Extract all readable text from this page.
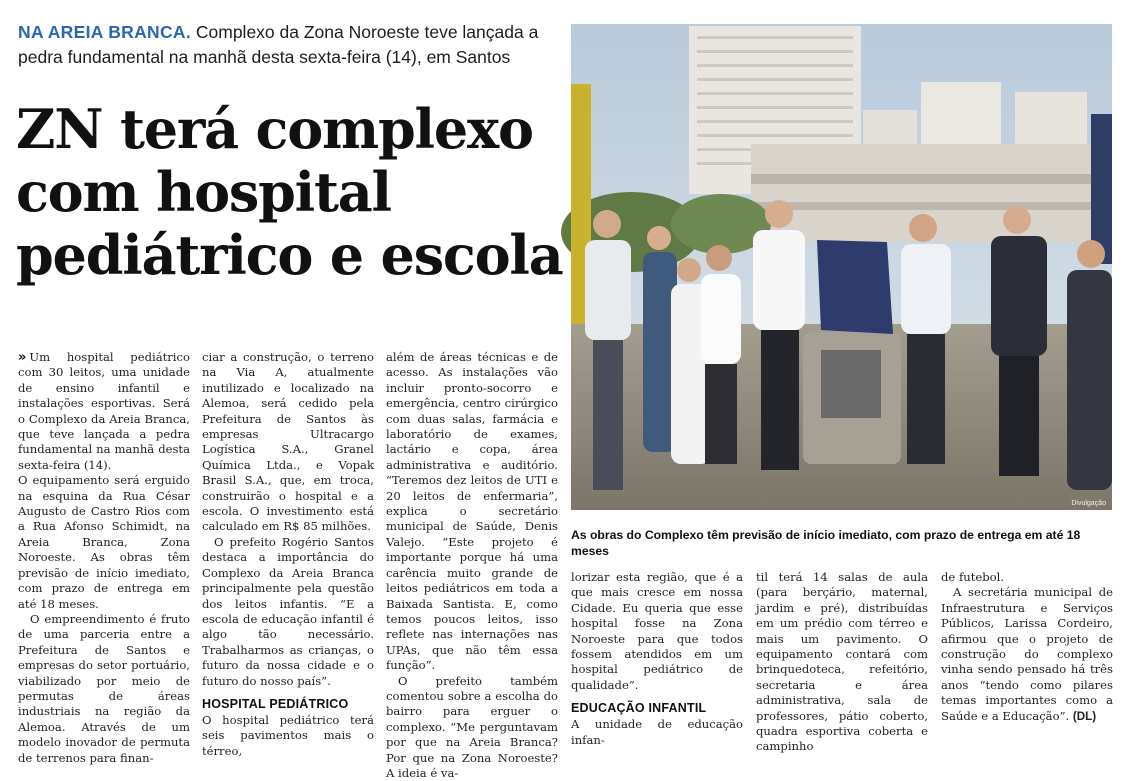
NA AREIA BRANCA. Complexo da Zona Noroeste teve lançada a pedra fundamental na manhã desta sexta-feira (14), em Santos
ZN terá complexo
com hospital
pediátrico e escola
Divulgação
As obras do Complexo têm previsão de início imediato, com prazo de entrega em até 18 meses

» Um hospital pediátrico com 30 leitos, uma unidade de ensino infantil e instalações esportivas. Será o Complexo da Areia Branca, que teve lançada a pedra fundamental na manhã desta sexta-feira (14).

O equipamento será erguido na esquina da Rua César Augusto de Castro Rios com a Rua Afonso Schimidt, na Areia Branca, Zona Noroeste. As obras têm previsão de início imediato, com prazo de entrega em até 18 meses.

O empreendimento é fruto de uma parceria entre a Prefeitura de Santos e empresas do setor portuário, viabilizado por meio de permutas de áreas industriais na região da Alemoa. Através de um modelo inovador de permuta de terrenos para finan-

ciar a construção, o terreno na Via A, atualmente inutilizado e localizado na Alemoa, será cedido pela Prefeitura de Santos às empresas Ultracargo Logística S.A., Granel Química Ltda., e Vopak Brasil S.A., que, em troca, construirão o hospital e a escola. O investimento está calculado em R$ 85 milhões.

O prefeito Rogério Santos destaca a importância do Complexo da Areia Branca principalmente pela questão dos leitos infantis. “E a escola de educação infantil é algo tão necessário. Trabalharmos as crianças, o futuro da nossa cidade e o futuro do nosso país”.

HOSPITAL PEDIÁTRICO

O hospital pediátrico terá seis pavimentos mais o térreo,

além de áreas técnicas e de acesso. As instalações vão incluir pronto-socorro e emergência, centro cirúrgico com duas salas, farmácia e laboratório de exames, lactário e copa, área administrativa e auditório. “Teremos dez leitos de UTI e 20 leitos de enfermaria”, explica o secretário municipal de Saúde, Denis Valejo. “Este projeto é importante porque há uma carência muito grande de leitos pediátricos em toda a Baixada Santista. E, como temos poucos leitos, isso reflete nas internações nas UPAs, que não têm essa função”.

O prefeito também comentou sobre a escolha do bairro para erguer o complexo. “Me perguntavam por que na Areia Branca? Por que na Zona Noroeste? A ideia é va-

lorizar esta região, que é a que mais cresce em nossa Cidade. Eu queria que esse hospital fosse na Zona Noroeste para que todos fossem atendidos em um hospital pediátrico de qualidade”.

EDUCAÇÃO INFANTIL

A unidade de educação infan-

til terá 14 salas de aula (para berçário, maternal, jardim e pré), distribuídas em um prédio com térreo e mais um pavimento. O equipamento contará com brinquedoteca, refeitório, secretaria e área administrativa, sala de professores, pátio coberto, quadra esportiva coberta e campinho

de futebol.

A secretária municipal de Infraestrutura e Serviços Públicos, Larissa Cordeiro, afirmou que o projeto de construção do complexo vinha sendo pensado há três anos “tendo como pilares temas importantes como a Saúde e a Educação”. (DL)
